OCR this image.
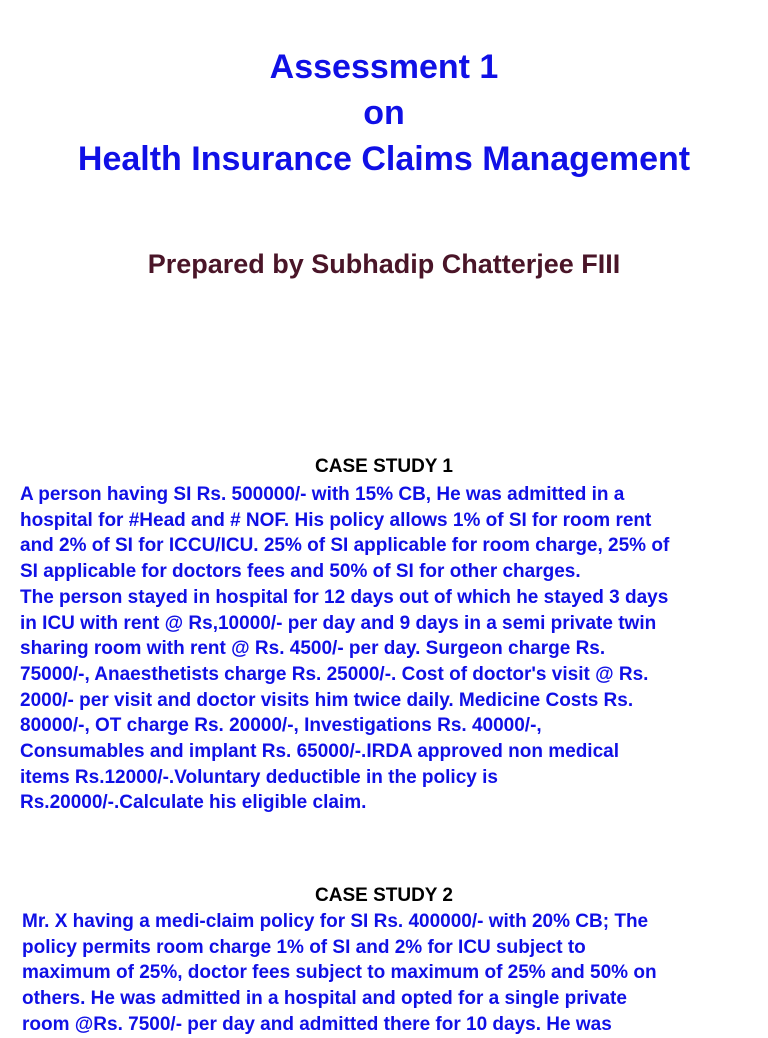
Assessment 1
on
Health Insurance Claims Management
Prepared by Subhadip Chatterjee FIII
CASE STUDY 1
A person having SI Rs. 500000/- with 15% CB, He was admitted in a
hospital for #Head and # NOF. His policy allows 1% of SI for room rent
and 2% of SI for ICCU/ICU. 25% of SI applicable for room charge, 25% of
SI applicable for doctors fees and 50% of SI for other charges.
The person stayed in hospital for 12 days out of which he stayed 3 days
in ICU with rent @ Rs,10000/- per day and 9 days in a semi private twin
sharing room with rent @ Rs. 4500/- per day. Surgeon charge Rs.
75000/-, Anaesthetists charge Rs. 25000/-. Cost of doctor's visit @ Rs.
2000/- per visit and doctor visits him twice daily. Medicine Costs Rs.
80000/-, OT charge Rs. 20000/-, Investigations Rs. 40000/-,
Consumables and implant Rs. 65000/-.IRDA approved non medical
items Rs.12000/-.Voluntary deductible in the policy is
Rs.20000/-.Calculate his eligible claim.
CASE STUDY 2
Mr. X having a medi-claim policy for SI Rs. 400000/- with 20% CB; The
policy permits room charge 1% of SI and 2% for ICU subject to
maximum of 25%, doctor fees subject to maximum of 25% and 50% on
others. He was admitted in a hospital and opted for a single private
room @Rs. 7500/- per day and admitted there for 10 days. He was
